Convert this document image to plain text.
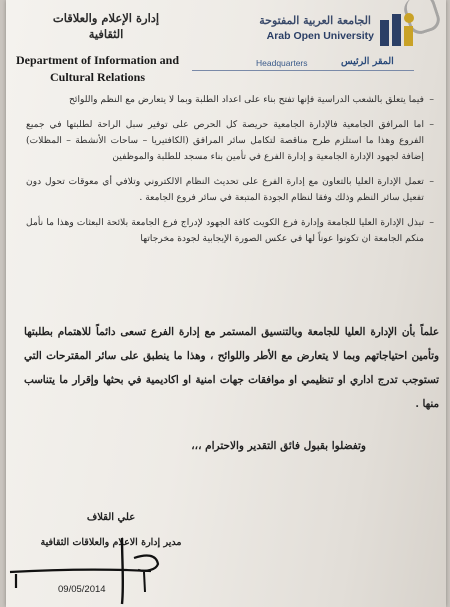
إدارة الإعلام والعلاقات
الثقافية
Department of Information and
Cultural Relations
الجامعة العربية المفتوحة
Arab Open University
Headquarters	المقر الرئيس
– فيما يتعلق بالشعب الدراسية فإنها تفتح بناء على اعداد الطلبة وبما لا يتعارض مع النظم واللوائح
– اما المرافق الجامعية فالإدارة الجامعية حريصة كل الحرص على توفير سبل الراحة لطلبتها في جميع الفروع وهذا ما استلزم طرح مناقصة لتكامل سائر المرافق (الكافتيريا – ساحات الأنشطة – المظلات) إضافة لجهود الإدارة الجامعية و إدارة الفرع في تأمين بناء مسجد للطلبة والموظفين
– تعمل الإدارة العليا بالتعاون مع إدارة الفرع على تحديث النظام الالكتروني وتلافي أي معوقات تحول دون تفعيل سائر النظم وذلك وفقا لنظام الجودة المتبعة في سائر فروع الجامعة .
– تبذل الإدارة العليا للجامعة وإدارة فرع الكويت كافة الجهود لإدراج فرع الجامعة بلائحة البعثات وهذا ما نأمل منكم الجامعة ان تكونوا عوناً لها في عكس الصورة الإيجابية لجودة مخرجاتها

علماً بأن الإدارة العليا للجامعة وبالتنسيق المستمر مع إدارة الفرع تسعى دائماً للاهتمام بطلبتها وتأمين احتياجاتهم وبما لا يتعارض مع الأطر واللوائح ، وهذا ما ينطبق على سائر المقترحات التي تستوجب تدرج اداري او تنظيمي او موافقات جهات امنية او اكاديمية في بحثها وإقرار ما يتناسب منها .

وتفضلوا بقبول فائق التقدير والاحترام ،،،
علي القلاف
مدير إدارة الاعلام والعلاقات الثقافية
09/05/2014
